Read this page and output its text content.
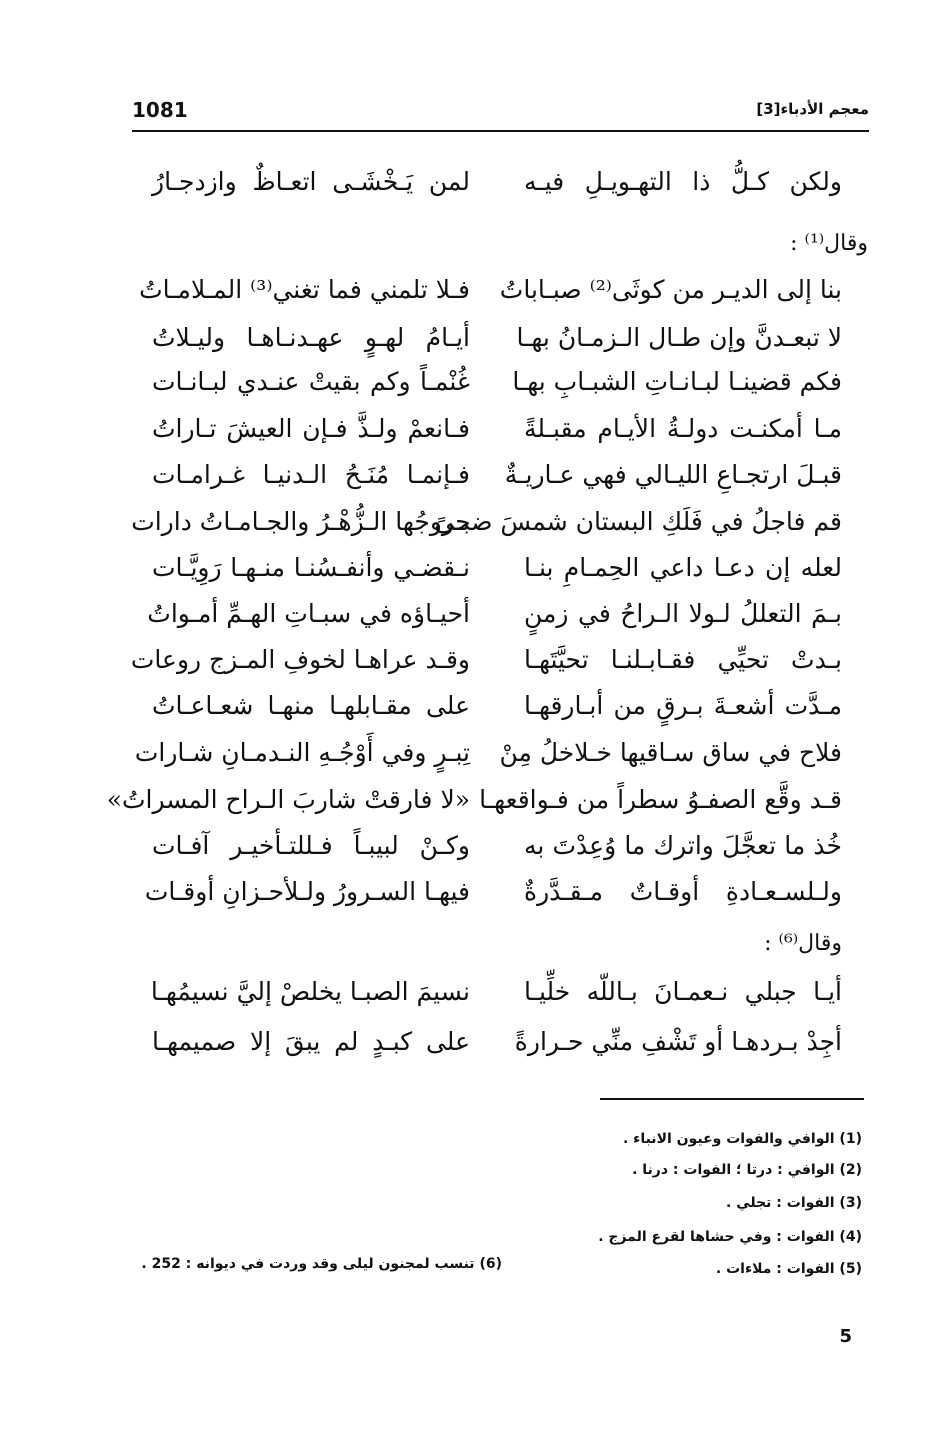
1081	معجم الأدباء[3]
ولكن كـلُّ ذا التهـويـلِ فيـه
لمن يَـخْشَـى اتعـاظٌ وازدجـارُ
وقال⁽¹⁾ :
بنا إلى الديـر من كوثَى⁽²⁾ صبـاباتُ
فـلا تلمني فما تغني⁽³⁾ المـلامـاتُ
لا تبعـدنَّ وإن طـال الـزمـانُ بهـا
أيـامُ لهـوٍ عهـدنـاهـا وليـلاتُ
فكم قضينـا لبـانـاتِ الشبـابِ بهـا
غُنْمـاً وكم بقيتْ عنـدي لبـانـات
مـا أمكنـت دولـةُ الأيـام مقبـلةً
فـانعمْ ولـذَّ فـإن العيشَ تـاراتُ
قبـلَ ارتجـاعِ الليـالي فهي عـاريـةٌ
فـإنمـا مُنَـحُ الـدنيـا غـرامـات
قم فاجلُ في فَلَكِ البستان شمسَ ضحىً
بـروجُها الـزُّهْـرُ والجـامـاتُ دارات
لعله إن دعـا داعي الحِمـامِ بنـا
نـقضـي وأنفـسُنـا منـهـا رَوِيَّـات
بـمَ التعللُ لـولا الـراحُ في زمنٍ
أحيـاؤه في سبـاتِ الهـمِّ أمـواتُ
بـدتْ تحيِّي فقـابـلنـا تحيَّتَهـا
وقـد عراهـا لخوفِ المـزج روعات
مـدَّت أشعـةَ بـرقٍ من أبـارقهـا
على مقـابلهـا منهـا شعـاعـاتُ
فلاح في ساق سـاقيها خـلاخلُ مِنْ
تِبـرٍ وفي أَوْجُـهِ النـدمـانِ شـارات
قـد وقَّع الصفـوُ سطراً من فـواقعهـا
«لا فارقتْ شاربَ الـراح المسراتُ»
خُذ ما تعجَّلَ واترك ما وُعِدْتَ به
وكـنْ لبيبـاً فـللتـأخيـر آفـات
ولـلسـعـادةِ أوقـاتٌ مـقـدَّرةٌ
فيهـا السـرورُ ولـلأحـزانِ أوقـات
وقال⁽⁶⁾ :
أيـا جبلي نـعمـانَ بـاللّه خلِّيـا
نسيمَ الصبـا يخلصْ إليَّ نسيمُهـا
أجِدْ بـردهـا أو تَشْفِ منِّي حـرارةً
على كبـدٍ لم يبقَ إلا صميمهـا
(1) الوافي والفوات وعيون الانباء .
(2) الوافي : درتا ؛ الفوات : درنا .
(3) الفوات : تجلي .
(4) الفوات : وفي حشاها لقرع المزج .
(5) الفوات : ملاءات .
(6) تنسب لمجنون ليلى وقد وردت في ديوانه : 252 .
5
